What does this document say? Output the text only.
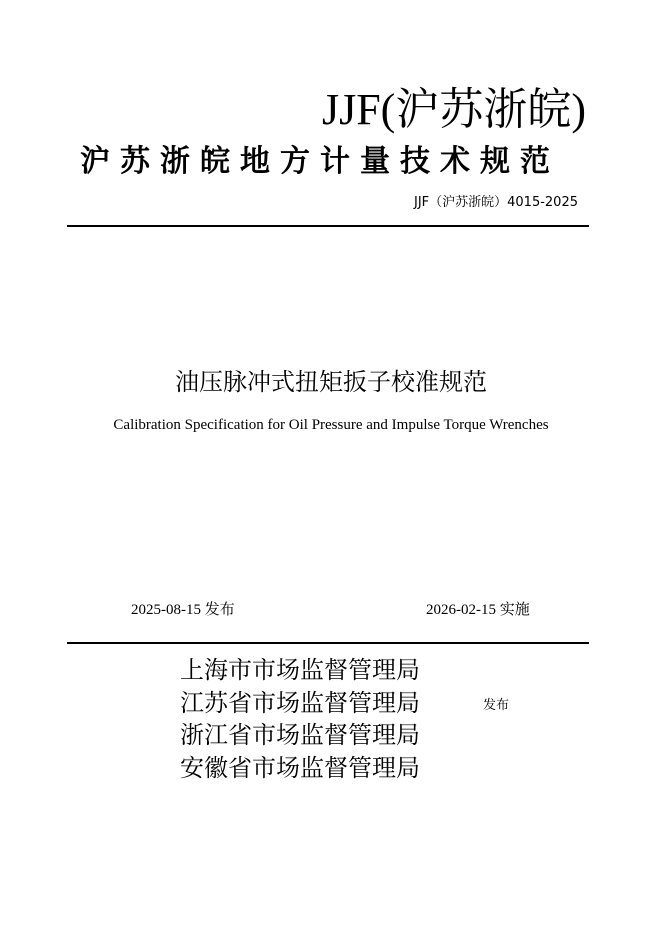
JJF(沪苏浙皖)
沪苏浙皖地方计量技术规范
JJF（沪苏浙皖）4015-2025
油压脉冲式扭矩扳子校准规范
Calibration Specification for Oil Pressure and Impulse Torque Wrenches
2025-08-15 发布	2026-02-15 实施
上海市市场监督管理局
江苏省市场监督管理局
浙江省市场监督管理局
安徽省市场监督管理局
发布
